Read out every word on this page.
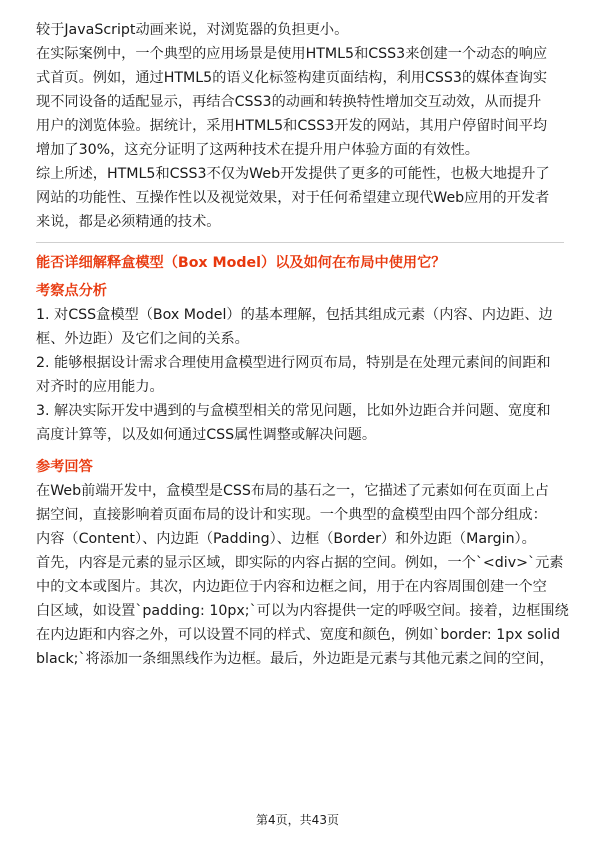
较于JavaScript动画来说，对浏览器的负担更小。
在实际案例中，一个典型的应用场景是使用HTML5和CSS3来创建一个动态的响应
式首页。例如，通过HTML5的语义化标签构建页面结构，利用CSS3的媒体查询实
现不同设备的适配显示，再结合CSS3的动画和转换特性增加交互动效，从而提升
用户的浏览体验。据统计，采用HTML5和CSS3开发的网站，其用户停留时间平均
增加了30%，这充分证明了这两种技术在提升用户体验方面的有效性。
综上所述，HTML5和CSS3不仅为Web开发提供了更多的可能性，也极大地提升了
网站的功能性、互操作性以及视觉效果，对于任何希望建立现代Web应用的开发者
来说，都是必须精通的技术。
能否详细解释盒模型（Box Model）以及如何在布局中使用它？
考察点分析
1. 对CSS盒模型（Box Model）的基本理解，包括其组成元素（内容、内边距、边
框、外边距）及它们之间的关系。
2. 能够根据设计需求合理使用盒模型进行网页布局，特别是在处理元素间的间距和
对齐时的应用能力。
3. 解决实际开发中遇到的与盒模型相关的常见问题，比如外边距合并问题、宽度和
高度计算等，以及如何通过CSS属性调整或解决问题。
参考回答
在Web前端开发中，盒模型是CSS布局的基石之一，它描述了元素如何在页面上占
据空间，直接影响着页面布局的设计和实现。一个典型的盒模型由四个部分组成：
内容（Content）、内边距（Padding）、边框（Border）和外边距（Margin）。
首先，内容是元素的显示区域，即实际的内容占据的空间。例如，一个`<div>`元素
中的文本或图片。其次，内边距位于内容和边框之间，用于在内容周围创建一个空
白区域，如设置`padding: 10px;`可以为内容提供一定的呼吸空间。接着，边框围绕
在内边距和内容之外，可以设置不同的样式、宽度和颜色，例如`border: 1px solid
black;`将添加一条细黑线作为边框。最后，外边距是元素与其他元素之间的空间，
第4页，共43页
